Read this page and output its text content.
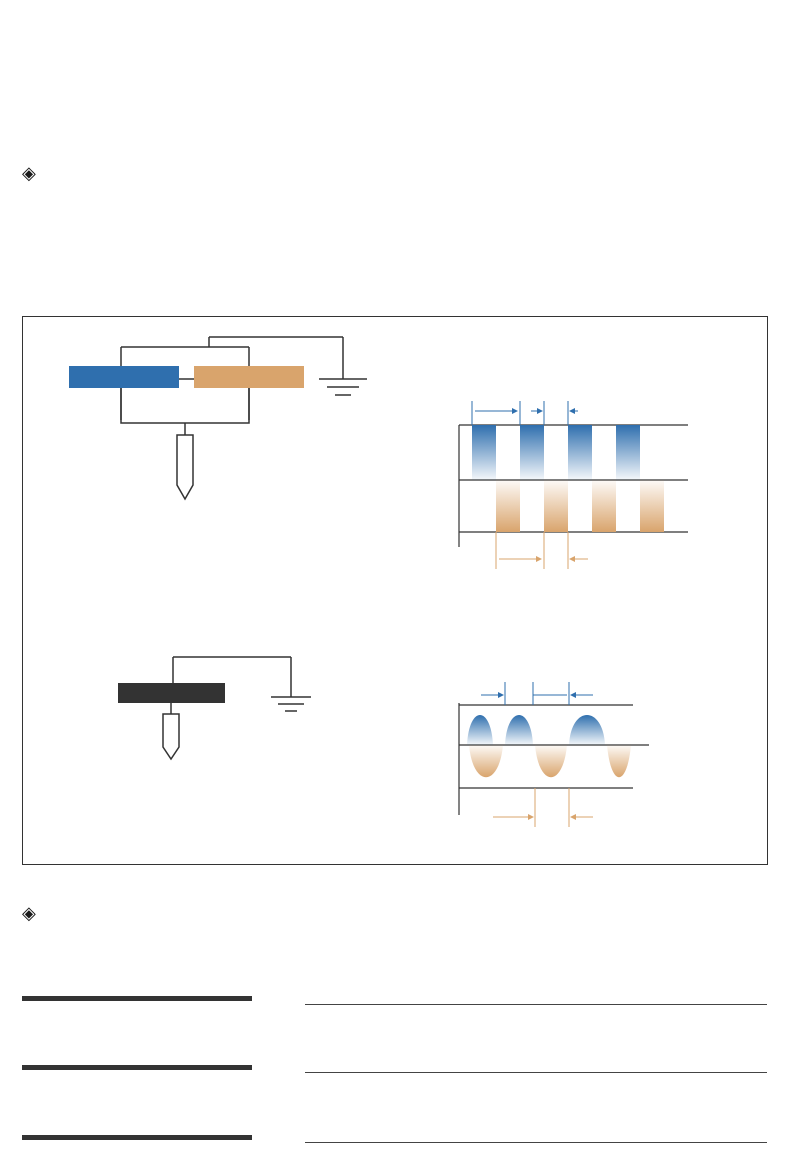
◈
◈
